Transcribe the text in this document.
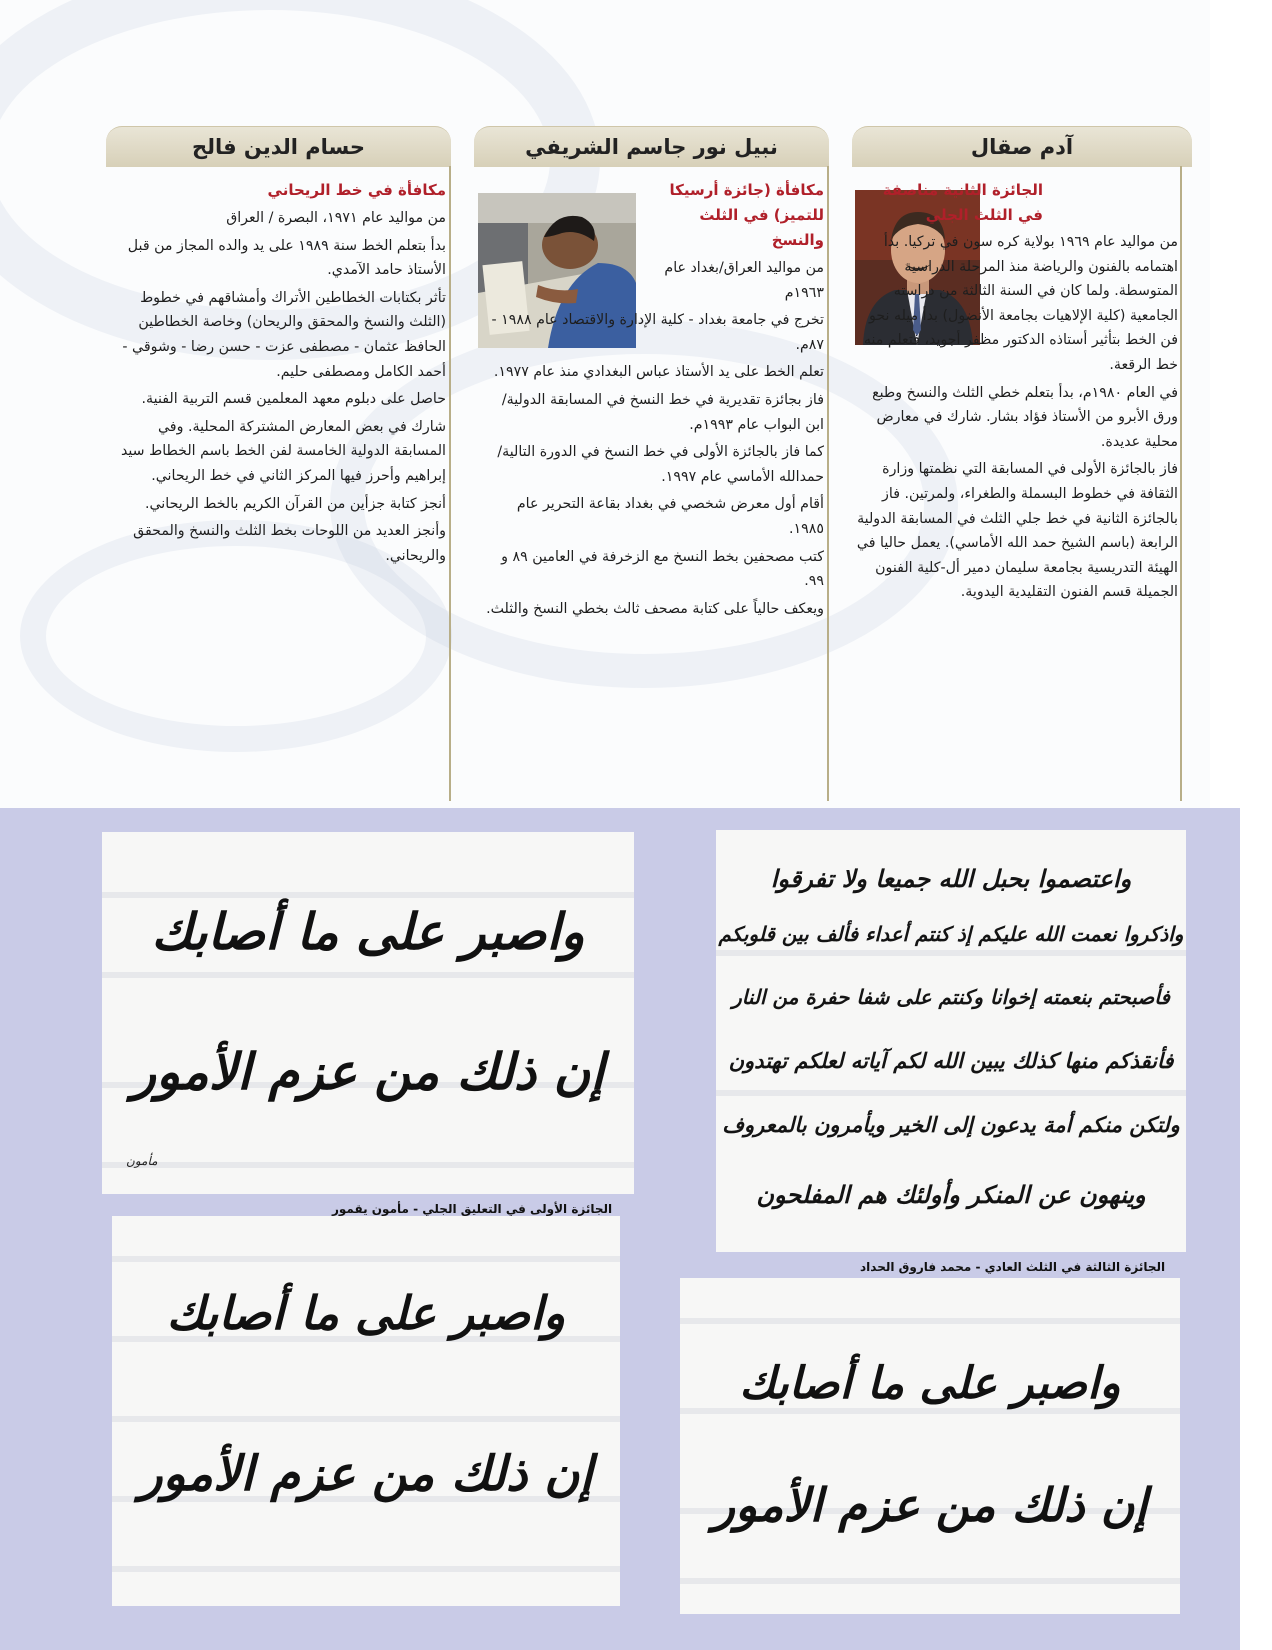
آدم صقال

الجائزة الثانية مناصفة في الثلث الجلي

من مواليد عام ١٩٦٩ بولاية كره سون في تركيا. بدأ اهتمامه بالفنون والرياضة منذ المرحلة الدراسية المتوسطة. ولما كان في السنة الثالثة من دراسته الجامعية (كلية الإلاهيات بجامعة الأنضول) بدأ ميله نحو فن الخط بتأثير أستاذه الدكتور مظفر أجويد، فتعلم منه خط الرقعة.

في العام ١٩٨٠م، بدأ بتعلم خطي الثلث والنسخ وطبع ورق الأبرو من الأستاذ فؤاد بشار. شارك في معارض محلية عديدة.

فاز بالجائزة الأولى في المسابقة التي نظمتها وزارة الثقافة في خطوط البسملة والطغراء، ولمرتين. فاز بالجائزة الثانية في خط جلي الثلث في المسابقة الدولية الرابعة (باسم الشيخ حمد الله الأماسي). يعمل حاليا في الهيئة التدريسية بجامعة سليمان دمير أل-كلية الفنون الجميلة قسم الفنون التقليدية اليدوية.

نبيل نور جاسم الشريفي

مكافأة (جائزة أرسيكا للتميز) في الثلث والنسخ

من مواليد العراق/بغداد عام ١٩٦٣م

تخرج في جامعة بغداد - كلية الإدارة والاقتصاد عام ١٩٨٨ - ٨٧م.

تعلم الخط على يد الأستاذ عباس البغدادي منذ عام ١٩٧٧.

فاز بجائزة تقديرية في خط النسخ في المسابقة الدولية/ابن البواب عام ١٩٩٣م.

كما فاز بالجائزة الأولى في خط النسخ في الدورة التالية/حمدالله الأماسي عام ١٩٩٧.

أقام أول معرض شخصي في بغداد بقاعة التحرير عام ١٩٨٥.

كتب مصحفين بخط النسخ مع الزخرفة في العامين ٨٩ و ٩٩.

ويعكف حالياً على كتابة مصحف ثالث بخطي النسخ والثلث.

حسام الدين فالح

مكافأة في خط الريحاني

من مواليد عام ١٩٧١، البصرة / العراق

بدأ بتعلم الخط سنة ١٩٨٩ على يد والده المجاز من قبل الأستاذ حامد الآمدي.

تأثر بكتابات الخطاطين الأتراك وأمشاقهم في خطوط (الثلث والنسخ والمحقق والريحان) وخاصة الخطاطين الحافظ عثمان - مصطفى عزت - حسن رضا - وشوقي - أحمد الكامل ومصطفى حليم.

حاصل على دبلوم معهد المعلمين قسم التربية الفنية.

شارك في بعض المعارض المشتركة المحلية. وفي المسابقة الدولية الخامسة لفن الخط باسم الخطاط سيد إبراهيم وأحرز فيها المركز الثاني في خط الريحاني.

أنجز كتابة جزأين من القرآن الكريم بالخط الريحاني.

وأنجز العديد من اللوحات بخط الثلث والنسخ والمحقق والريحاني.

واصبر على ما أصابك
إن ذلك من عزم الأمور
مأمون
الجائزة الأولى في التعليق الجلي - مأمون يقمور
واعتصموا بحبل الله جميعا ولا تفرقوا
واذكروا نعمت الله عليكم إذ كنتم أعداء فألف بين قلوبكم
فأصبحتم بنعمته إخوانا وكنتم على شفا حفرة من النار
فأنقذكم منها كذلك يبين الله لكم آياته لعلكم تهتدون
ولتكن منكم أمة يدعون إلى الخير ويأمرون بالمعروف
وينهون عن المنكر وأولئك هم المفلحون
الجائزة الثالثة في الثلث العادي - محمد فاروق الحداد
واصبر على ما أصابك
إن ذلك من عزم الأمور
واصبر على ما أصابك
إن ذلك من عزم الأمور
